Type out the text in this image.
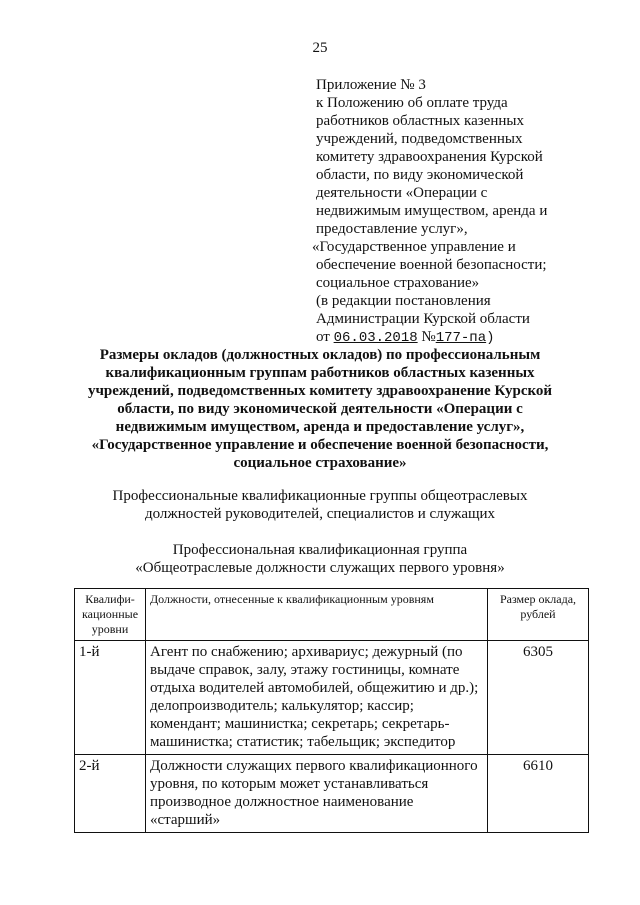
25
Приложение № 3
к Положению об оплате труда
работников областных казенных
учреждений, подведомственных
комитету здравоохранения Курской
области, по виду экономической
деятельности «Операции с
недвижимым имуществом, аренда и
предоставление услуг»,
«Государственное управление и
обеспечение военной безопасности;
социальное страхование»
(в редакции постановления
Администрации Курской области
от 06.03.2018 №177-па)
Размеры окладов (должностных окладов) по профессиональным
квалификационным группам работников областных казенных
учреждений, подведомственных комитету здравоохранение Курской
области, по виду экономической деятельности «Операции с
недвижимым имуществом, аренда и предоставление услуг»,
«Государственное управление и обеспечение военной безопасности,
социальное страхование»
Профессиональные квалификационные группы общеотраслевых
должностей руководителей, специалистов и служащих
Профессиональная квалификационная группа
«Общеотраслевые должности служащих первого уровня»
Квалифи- кационные уровни	Должности, отнесенные к квалификационным уровням	Размер оклада, рублей
1-й	Агент по снабжению; архивариус; дежурный (по выдаче справок, залу, этажу гостиницы, комнате отдыха водителей автомобилей, общежитию и др.); делопроизводитель; калькулятор; кассир; комендант; машинистка; секретарь; секретарь-машинистка; статистик; табельщик; экспедитор	6305
2-й	Должности служащих первого квалификационного уровня, по которым может устанавливаться производное должностное наименование «старший»	6610
